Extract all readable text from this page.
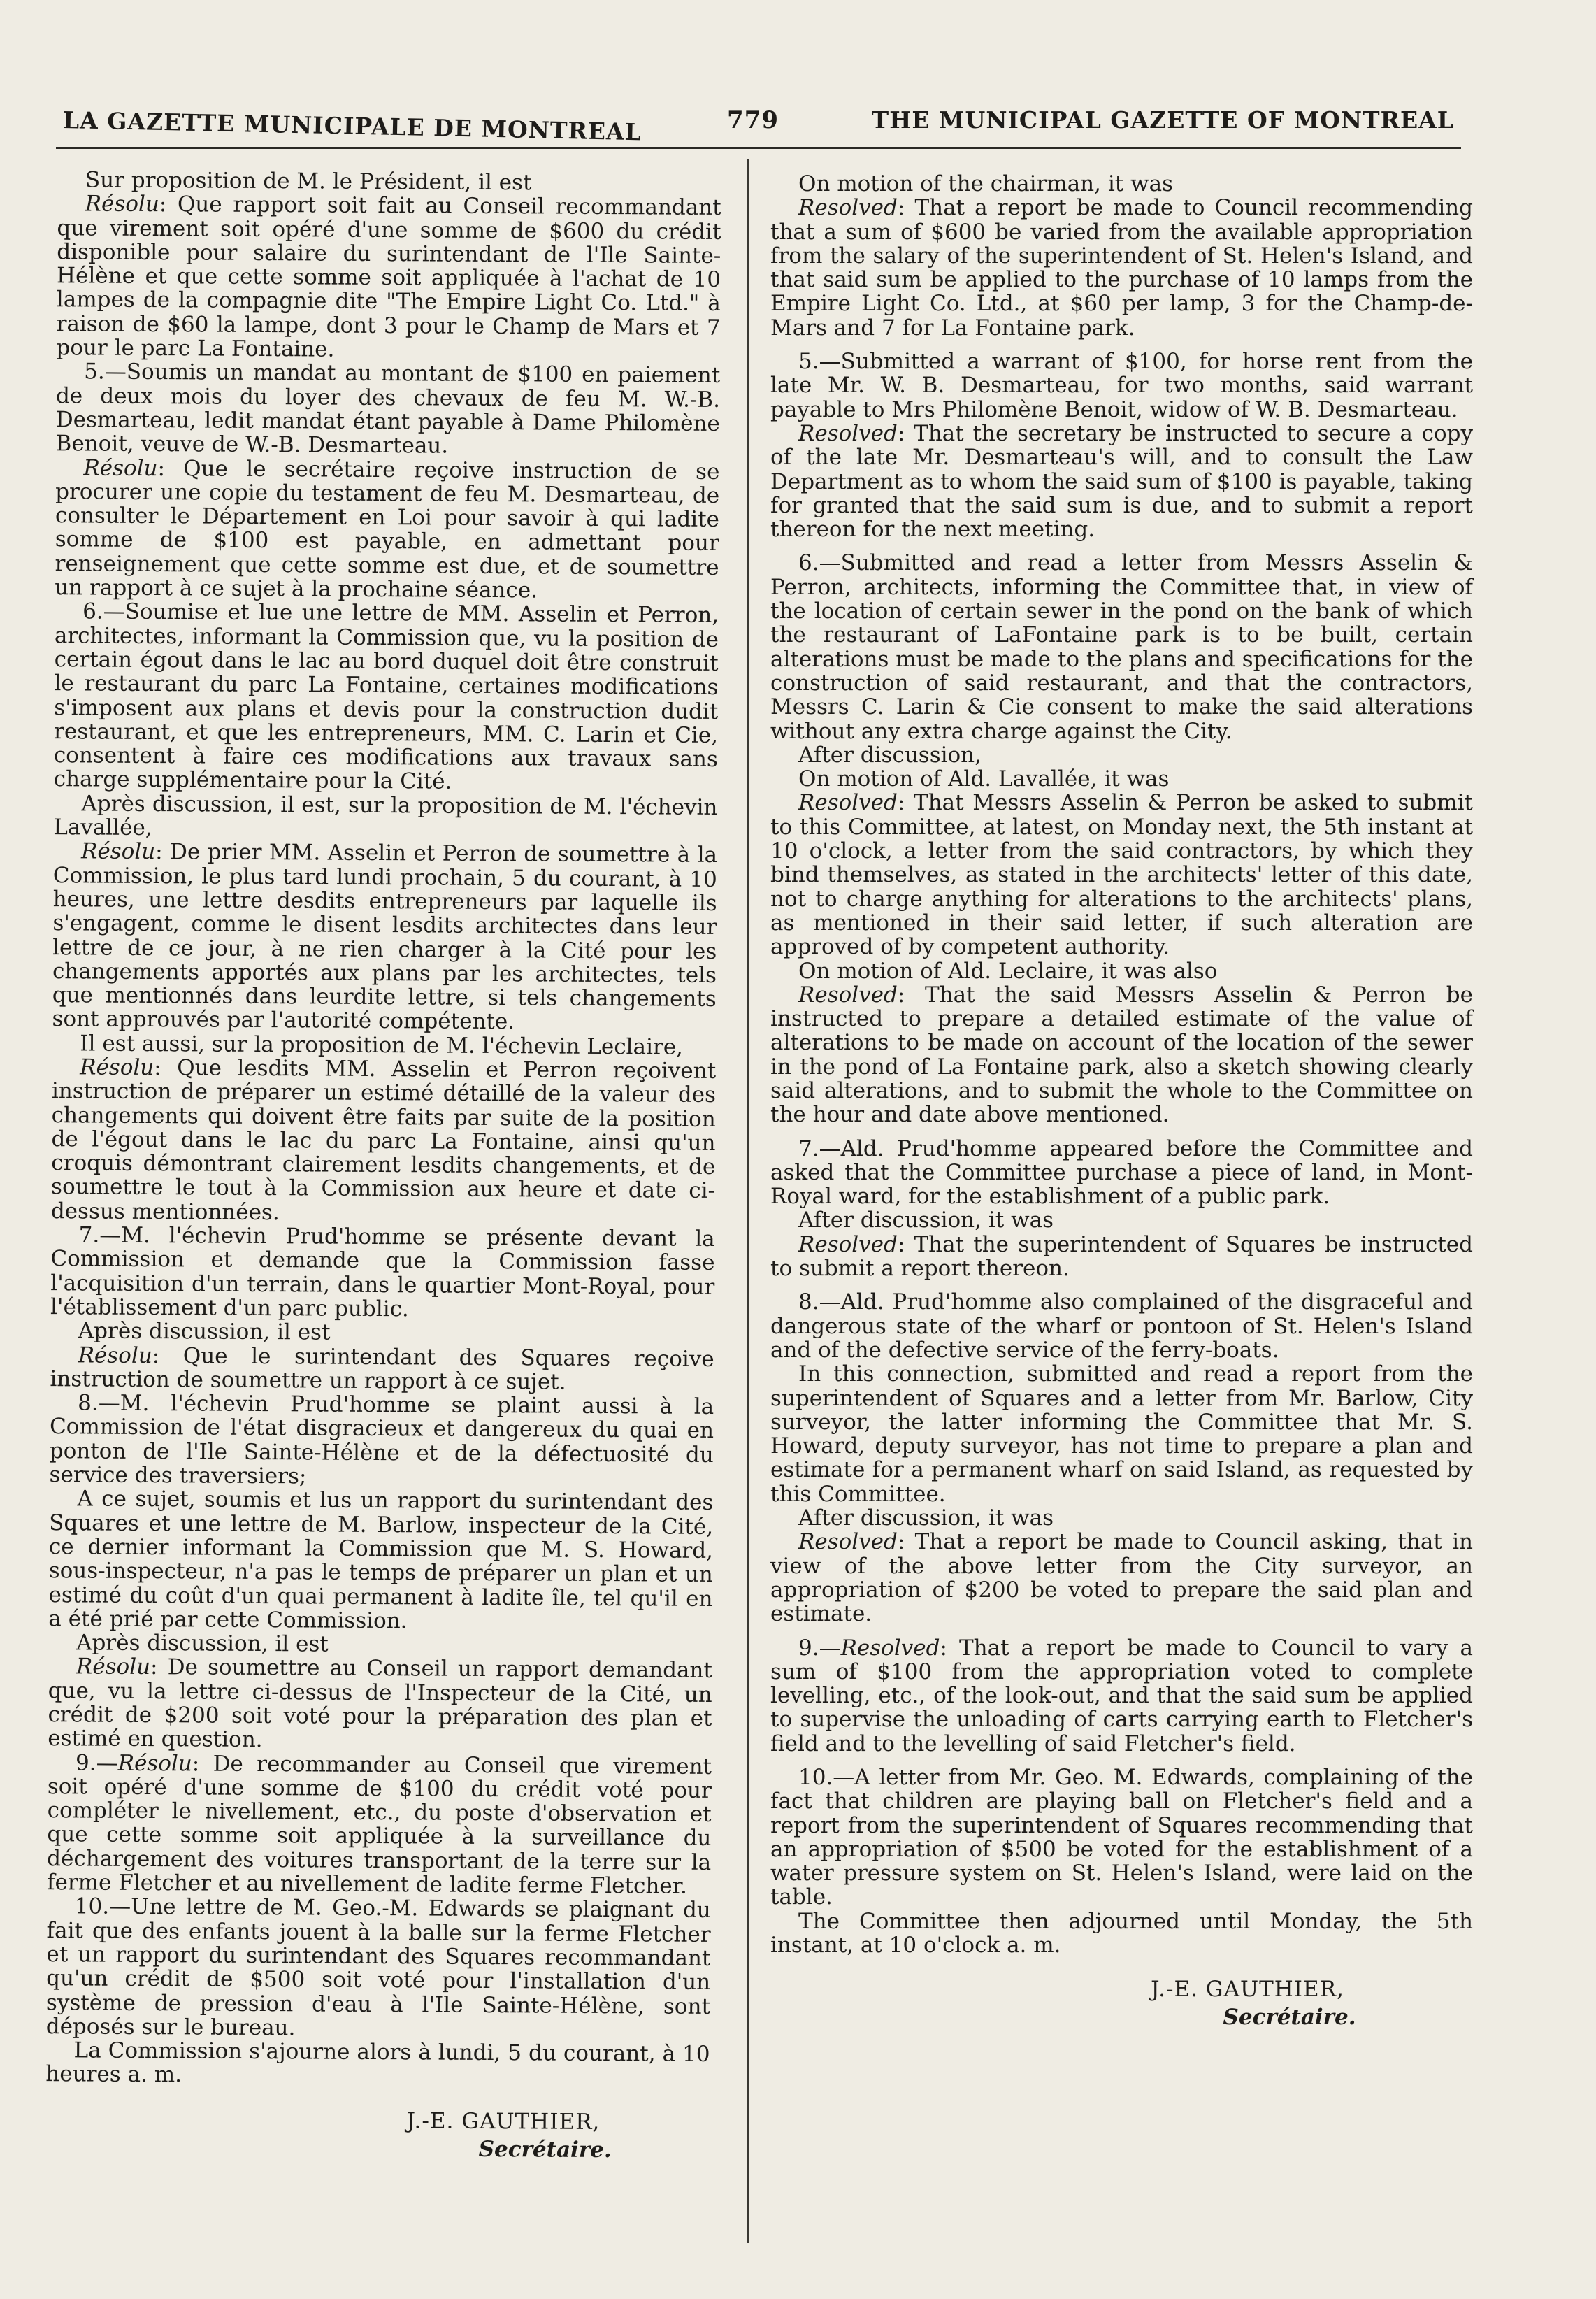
LA GAZETTE MUNICIPALE DE MONTREAL	779	THE MUNICIPAL GAZETTE OF MONTREAL

Sur proposition de M. le Président, il est

Résolu: Que rapport soit fait au Conseil recommandant que virement soit opéré d'une somme de $600 du crédit disponible pour salaire du surintendant de l'Ile Sainte-Hélène et que cette somme soit appliquée à l'achat de 10 lampes de la compagnie dite "The Empire Light Co. Ltd." à raison de $60 la lampe, dont 3 pour le Champ de Mars et 7 pour le parc La Fontaine.

5.—Soumis un mandat au montant de $100 en paiement de deux mois du loyer des chevaux de feu M. W.-B. Desmarteau, ledit mandat étant payable à Dame Philomène Benoit, veuve de W.-B. Desmarteau.

Résolu: Que le secrétaire reçoive instruction de se procurer une copie du testament de feu M. Desmarteau, de consulter le Département en Loi pour savoir à qui ladite somme de $100 est payable, en admettant pour renseignement que cette somme est due, et de soumettre un rapport à ce sujet à la prochaine séance.

6.—Soumise et lue une lettre de MM. Asselin et Perron, architectes, informant la Commission que, vu la position de certain égout dans le lac au bord duquel doit être construit le restaurant du parc La Fontaine, certaines modifications s'imposent aux plans et devis pour la construction dudit restaurant, et que les entrepreneurs, MM. C. Larin et Cie, consentent à faire ces modifications aux travaux sans charge supplémentaire pour la Cité.

Après discussion, il est, sur la proposition de M. l'échevin Lavallée,

Résolu: De prier MM. Asselin et Perron de soumettre à la Commission, le plus tard lundi prochain, 5 du courant, à 10 heures, une lettre desdits entrepreneurs par laquelle ils s'engagent, comme le disent lesdits architectes dans leur lettre de ce jour, à ne rien charger à la Cité pour les changements apportés aux plans par les architectes, tels que mentionnés dans leurdite lettre, si tels changements sont approuvés par l'autorité compétente.

Il est aussi, sur la proposition de M. l'échevin Leclaire,

Résolu: Que lesdits MM. Asselin et Perron reçoivent instruction de préparer un estimé détaillé de la valeur des changements qui doivent être faits par suite de la position de l'égout dans le lac du parc La Fontaine, ainsi qu'un croquis démontrant clairement lesdits changements, et de soumettre le tout à la Commission aux heure et date ci-dessus mentionnées.

7.—M. l'échevin Prud'homme se présente devant la Commission et demande que la Commission fasse l'acquisition d'un terrain, dans le quartier Mont-Royal, pour l'établissement d'un parc public.

Après discussion, il est

Résolu: Que le surintendant des Squares reçoive instruction de soumettre un rapport à ce sujet.

8.—M. l'échevin Prud'homme se plaint aussi à la Commission de l'état disgracieux et dangereux du quai en ponton de l'Ile Sainte-Hélène et de la défectuosité du service des traversiers;

A ce sujet, soumis et lus un rapport du surintendant des Squares et une lettre de M. Barlow, inspecteur de la Cité, ce dernier informant la Commission que M. S. Howard, sous-inspecteur, n'a pas le temps de préparer un plan et un estimé du coût d'un quai permanent à ladite île, tel qu'il en a été prié par cette Commission.

Après discussion, il est

Résolu: De soumettre au Conseil un rapport demandant que, vu la lettre ci-dessus de l'Inspecteur de la Cité, un crédit de $200 soit voté pour la préparation des plan et estimé en question.

9.—Résolu: De recommander au Conseil que virement soit opéré d'une somme de $100 du crédit voté pour compléter le nivellement, etc., du poste d'observation et que cette somme soit appliquée à la surveillance du déchargement des voitures transportant de la terre sur la ferme Fletcher et au nivellement de ladite ferme Fletcher.

10.—Une lettre de M. Geo.-M. Edwards se plaignant du fait que des enfants jouent à la balle sur la ferme Fletcher et un rapport du surintendant des Squares recommandant qu'un crédit de $500 soit voté pour l'installation d'un système de pression d'eau à l'Ile Sainte-Hélène, sont déposés sur le bureau.

La Commission s'ajourne alors à lundi, 5 du courant, à 10 heures a. m.

J.-E. GAUTHIER,
Secrétaire.

On motion of the chairman, it was

Resolved: That a report be made to Council recommending that a sum of $600 be varied from the available appropriation from the salary of the superintendent of St. Helen's Island, and that said sum be applied to the purchase of 10 lamps from the Empire Light Co. Ltd., at $60 per lamp, 3 for the Champ-de-Mars and 7 for La Fontaine park.

5.—Submitted a warrant of $100, for horse rent from the late Mr. W. B. Desmarteau, for two months, said warrant payable to Mrs Philomène Benoit, widow of W. B. Desmarteau.

Resolved: That the secretary be instructed to secure a copy of the late Mr. Desmarteau's will, and to consult the Law Department as to whom the said sum of $100 is payable, taking for granted that the said sum is due, and to submit a report thereon for the next meeting.

6.—Submitted and read a letter from Messrs Asselin & Perron, architects, informing the Committee that, in view of the location of certain sewer in the pond on the bank of which the restaurant of LaFontaine park is to be built, certain alterations must be made to the plans and specifications for the construction of said restaurant, and that the contractors, Messrs C. Larin & Cie consent to make the said alterations without any extra charge against the City.

After discussion,

On motion of Ald. Lavallée, it was

Resolved: That Messrs Asselin & Perron be asked to submit to this Committee, at latest, on Monday next, the 5th instant at 10 o'clock, a letter from the said contractors, by which they bind themselves, as stated in the architects' letter of this date, not to charge anything for alterations to the architects' plans, as mentioned in their said letter, if such alteration are approved of by competent authority.

On motion of Ald. Leclaire, it was also

Resolved: That the said Messrs Asselin & Perron be instructed to prepare a detailed estimate of the value of alterations to be made on account of the location of the sewer in the pond of La Fontaine park, also a sketch showing clearly said alterations, and to submit the whole to the Committee on the hour and date above mentioned.

7.—Ald. Prud'homme appeared before the Committee and asked that the Committee purchase a piece of land, in Mont-Royal ward, for the establishment of a public park.

After discussion, it was

Resolved: That the superintendent of Squares be instructed to submit a report thereon.

8.—Ald. Prud'homme also complained of the disgraceful and dangerous state of the wharf or pontoon of St. Helen's Island and of the defective service of the ferry-boats.

In this connection, submitted and read a report from the superintendent of Squares and a letter from Mr. Barlow, City surveyor, the latter informing the Committee that Mr. S. Howard, deputy surveyor, has not time to prepare a plan and estimate for a permanent wharf on said Island, as requested by this Committee.

After discussion, it was

Resolved: That a report be made to Council asking, that in view of the above letter from the City surveyor, an appropriation of $200 be voted to prepare the said plan and estimate.

9.—Resolved: That a report be made to Council to vary a sum of $100 from the appropriation voted to complete levelling, etc., of the look-out, and that the said sum be applied to supervise the unloading of carts carrying earth to Fletcher's field and to the levelling of said Fletcher's field.

10.—A letter from Mr. Geo. M. Edwards, complaining of the fact that children are playing ball on Fletcher's field and a report from the superintendent of Squares recommending that an appropriation of $500 be voted for the establishment of a water pressure system on St. Helen's Island, were laid on the table.

The Committee then adjourned until Monday, the 5th instant, at 10 o'clock a. m.

J.-E. GAUTHIER,
Secrétaire.
